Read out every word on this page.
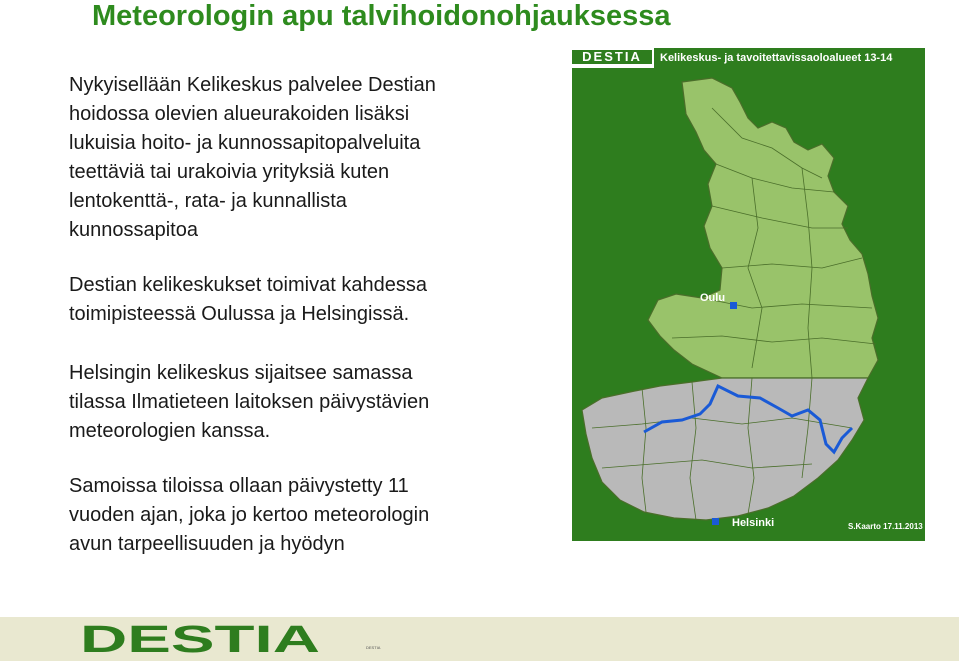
Meteorologin apu talvihoidonohjauksessa
Nykyisellään Kelikeskus palvelee Destian
hoidossa olevien alueurakoiden lisäksi
lukuisia hoito- ja kunnossapitopalveluita
teettäviä tai urakoivia yrityksiä kuten
lentokenttä-, rata- ja kunnallista
kunnossapitoa
Destian kelikeskukset toimivat kahdessa
toimipisteessä Oulussa ja Helsingissä.
Helsingin kelikeskus sijaitsee samassa
tilassa Ilmatieteen laitoksen päivystävien
meteorologien kanssa.
Samoissa tiloissa ollaan päivystetty 11
vuoden ajan, joka jo kertoo meteorologin
avun tarpeellisuuden ja hyödyn
DESTIA	Kelikeskus- ja tavoitettavissaoloalueet 13-14
Oulu
Helsinki	S.Kaarto 17.11.2013
DESTIA	DESTIA
